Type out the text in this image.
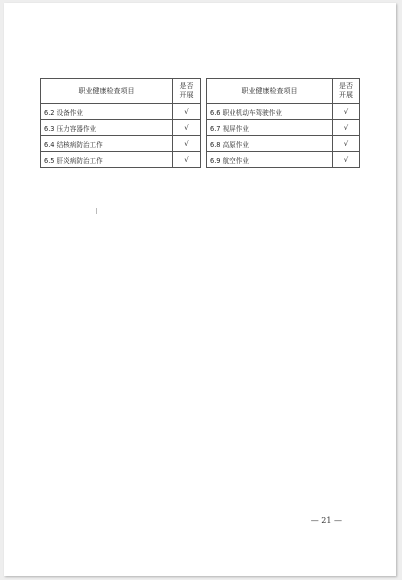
职业健康检查项目	是否
开展
6.2 设备作业	√
6.3 压力容器作业	√
6.4 结核病防治工作	√
6.5 肝炎病防治工作	√
职业健康检查项目	是否
开展
6.6 职业机动车驾驶作业	√
6.7 视屏作业	√
6.8 高原作业	√
6.9 航空作业	√
— 21 —
